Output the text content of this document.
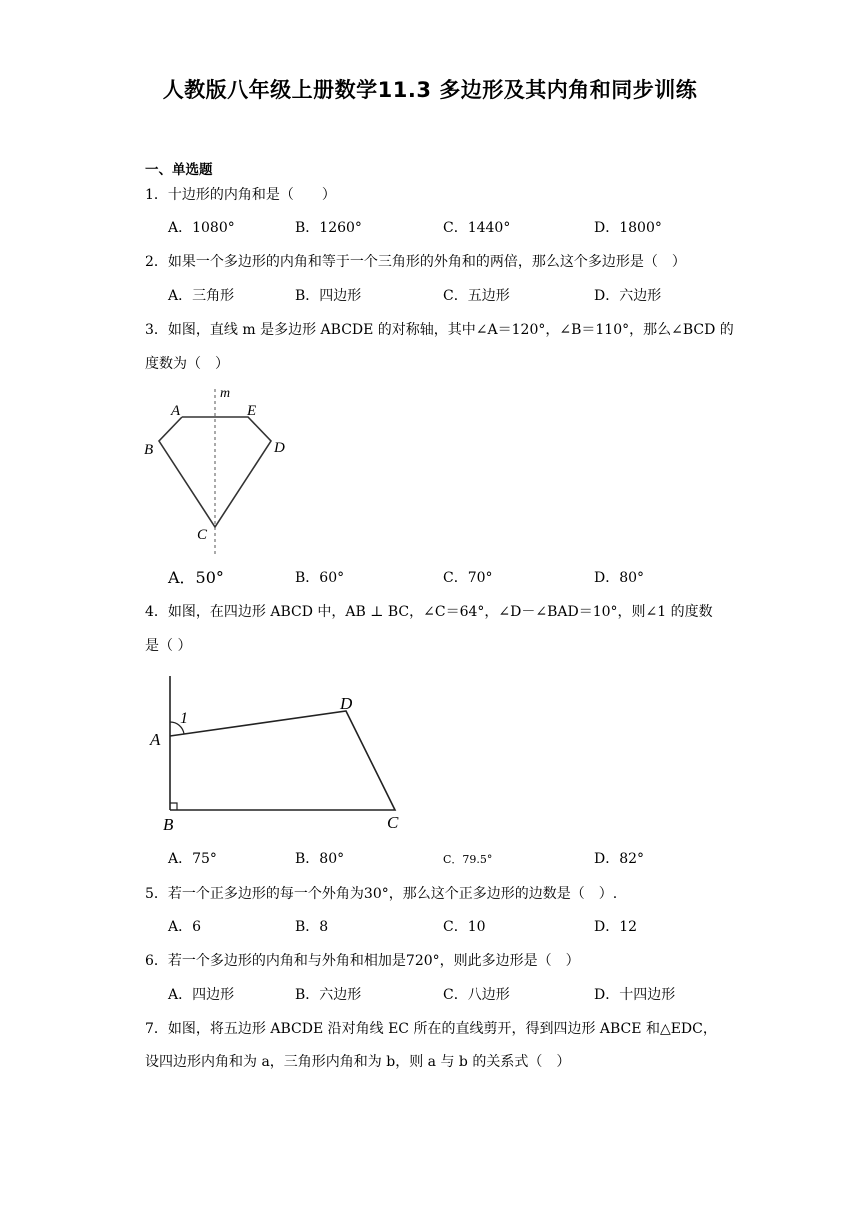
人教版八年级上册数学11.3 多边形及其内角和同步训练
一、单选题
1．十边形的内角和是（　　）
A．1080°	B．1260°	C．1440°	D．1800°
2．如果一个多边形的内角和等于一个三角形的外角和的两倍，那么这个多边形是（　）
A．三角形	B．四边形	C．五边形	D．六边形
3．如图，直线 m 是多边形 ABCDE 的对称轴，其中∠A＝120°，∠B＝110°，那么∠BCD 的
度数为（　）
m
A	E
B	D
C
A．50°	B．60°	C．70°	D．80°
4．如图，在四边形 ABCD 中，AB ⊥ BC，∠C＝64°，∠D－∠BAD＝10°，则∠1 的度数
是（ ）
1
A
D
B	C
A．75°	B．80°	C．79.5°	D．82°
5．若一个正多边形的每一个外角为30°，那么这个正多边形的边数是（　）.
A．6	B．8	C．10	D．12
6．若一个多边形的内角和与外角和相加是720°，则此多边形是（　）
A．四边形	B．六边形	C．八边形	D．十四边形
7．如图，将五边形 ABCDE 沿对角线 EC 所在的直线剪开，得到四边形 ABCE 和△EDC，
设四边形内角和为 a，三角形内角和为 b，则 a 与 b 的关系式（　）
